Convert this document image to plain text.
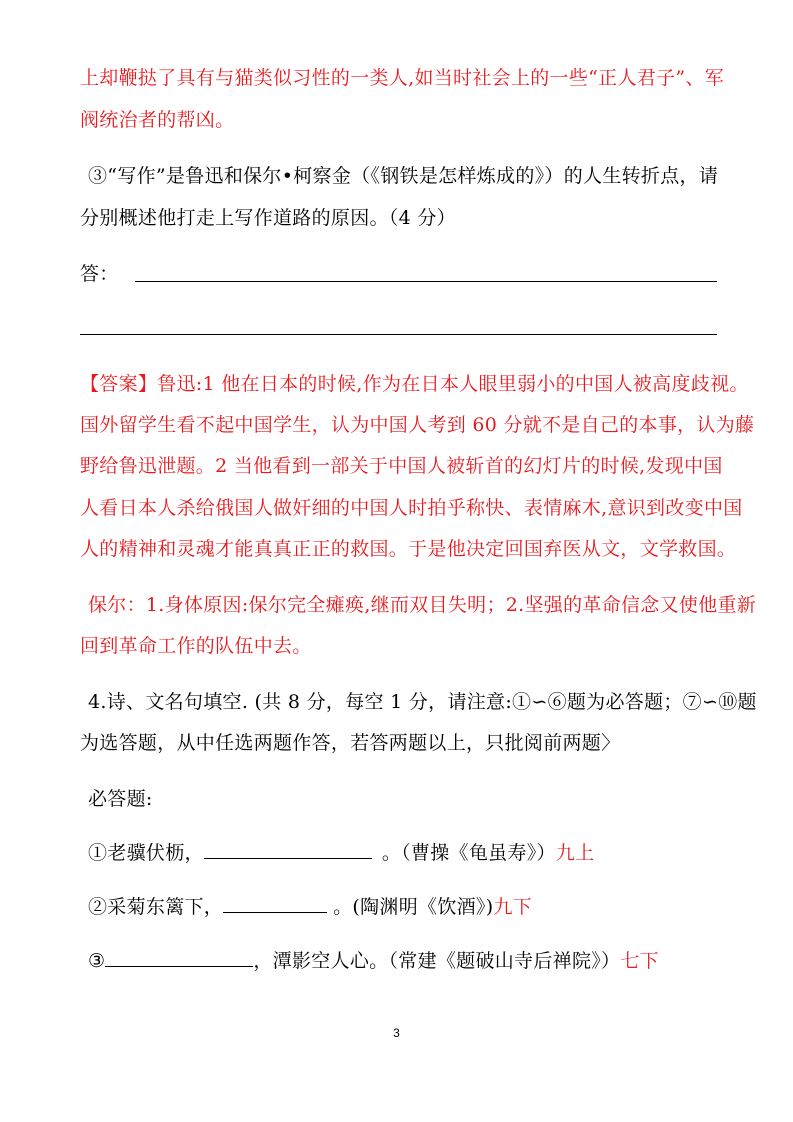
上却鞭挞了具有与猫类似习性的一类人,如当时社会上的一些“正人君子”、军
阀统治者的帮凶。
③“写作”是鲁迅和保尔•柯察金（《钢铁是怎样炼成的》）的人生转折点，请
分别概述他打走上写作道路的原因。（4 分）
答：
【答案】鲁迅:1 他在日本的时候,作为在日本人眼里弱小的中国人被高度歧视。
国外留学生看不起中国学生，认为中国人考到 60 分就不是自己的本事，认为藤
野给鲁迅泄题。2 当他看到一部关于中国人被斩首的幻灯片的时候,发现中国
人看日本人杀给俄国人做奸细的中国人时拍乎称快、表情麻木,意识到改变中国
人的精神和灵魂才能真真正正的救国。于是他决定回国弃医从文，文学救国。
保尔：1.身体原因:保尔完全瘫痪,继而双目失明；2.坚强的革命信念又使他重新
回到革命工作的队伍中去。
4.诗、文名句填空. (共 8 分，每空 1 分，请注意:①∽⑥题为必答题；⑦∽⑩题
为选答题，从中任选两题作答，若答两题以上，只批阅前两题〉
必答题:
①老骥伏枥，	。（曹操《龟虽寿》）九上
②采菊东篱下，	。(陶渊明《饮酒》)九下
③	，潭影空人心。（常建《题破山寺后禅院》）七下
3
